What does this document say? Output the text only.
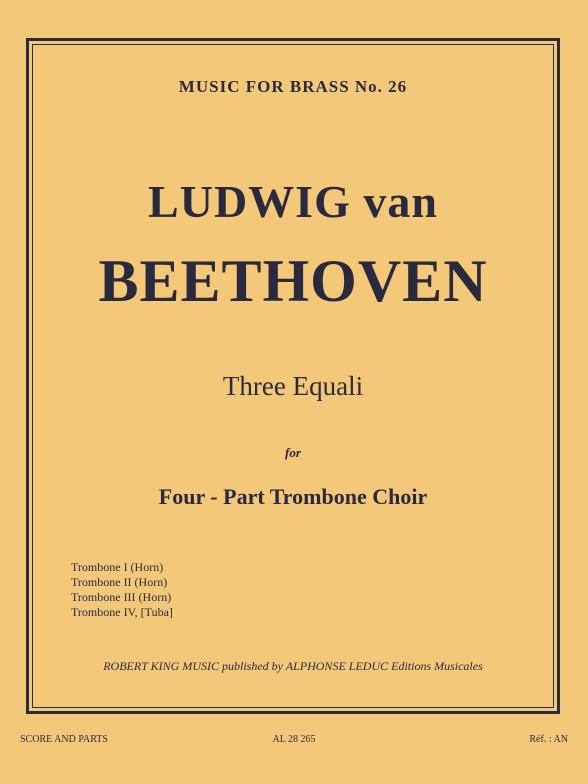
MUSIC FOR BRASS No. 26
LUDWIG van
BEETHOVEN
Three Equali
for
Four - Part Trombone Choir
Trombone I (Horn)
Trombone II (Horn)
Trombone III (Horn)
Trombone IV, [Tuba]
ROBERT KING MUSIC published by ALPHONSE LEDUC Editions Musicales
SCORE AND PARTS	AL 28 265	Réf. : AN
